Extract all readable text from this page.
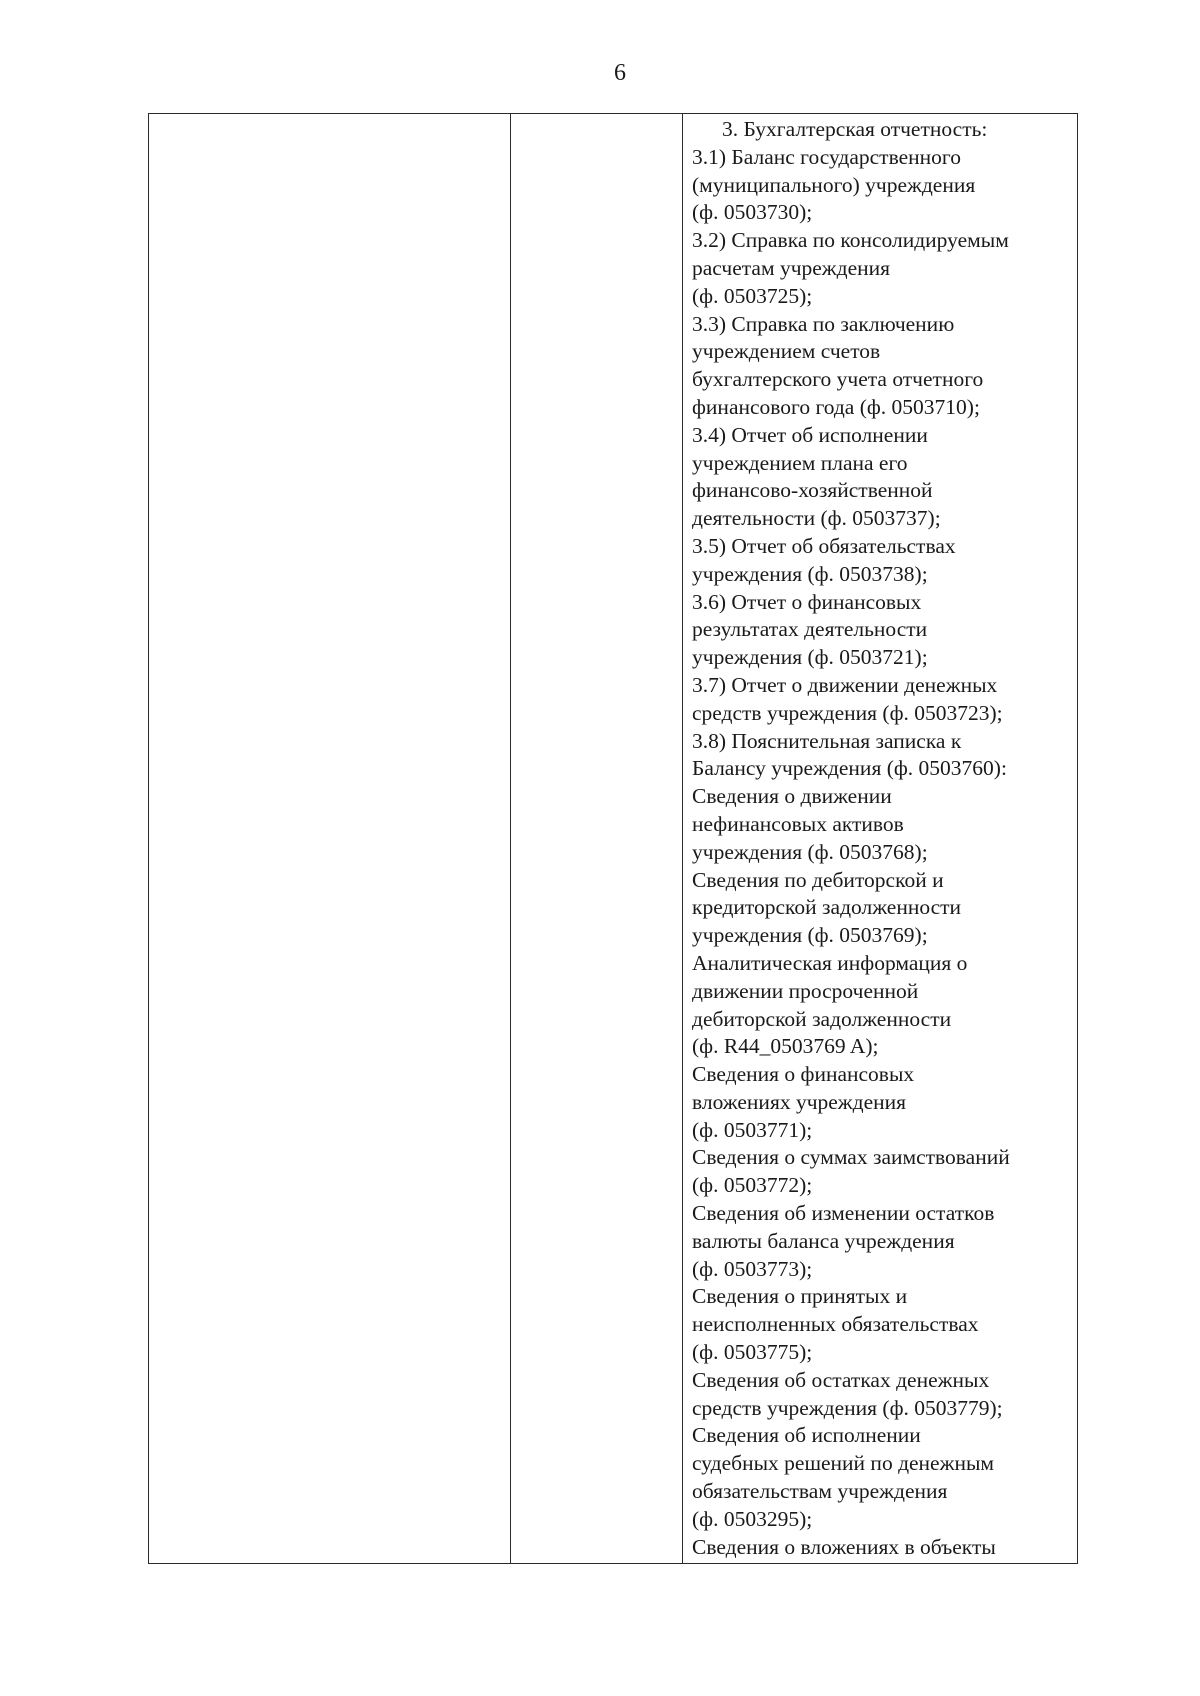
6

3. Бухгалтерская отчетность:
3.1) Баланс государственного
(муниципального) учреждения
(ф. 0503730);
3.2) Справка по консолидируемым
расчетам учреждения
(ф. 0503725);
3.3) Справка по заключению
учреждением счетов
бухгалтерского учета отчетного
финансового года (ф. 0503710);
3.4) Отчет об исполнении
учреждением плана его
финансово-хозяйственной
деятельности (ф. 0503737);
3.5) Отчет об обязательствах
учреждения (ф. 0503738);
3.6) Отчет о финансовых
результатах деятельности
учреждения (ф. 0503721);
3.7) Отчет о движении денежных
средств учреждения (ф. 0503723);
3.8) Пояснительная записка к
Балансу учреждения (ф. 0503760):
Сведения о движении
нефинансовых активов
учреждения (ф. 0503768);
Сведения по дебиторской и
кредиторской задолженности
учреждения (ф. 0503769);
Аналитическая информация о
движении просроченной
дебиторской задолженности
(ф. R44_0503769 A);
Сведения о финансовых
вложениях учреждения
(ф. 0503771);
Сведения о суммах заимствований
(ф. 0503772);
Сведения об изменении остатков
валюты баланса учреждения
(ф. 0503773);
Сведения о принятых и
неисполненных обязательствах
(ф. 0503775);
Сведения об остатках денежных
средств учреждения (ф. 0503779);
Сведения об исполнении
судебных решений по денежным
обязательствам учреждения
(ф. 0503295);
Сведения о вложениях в объекты
